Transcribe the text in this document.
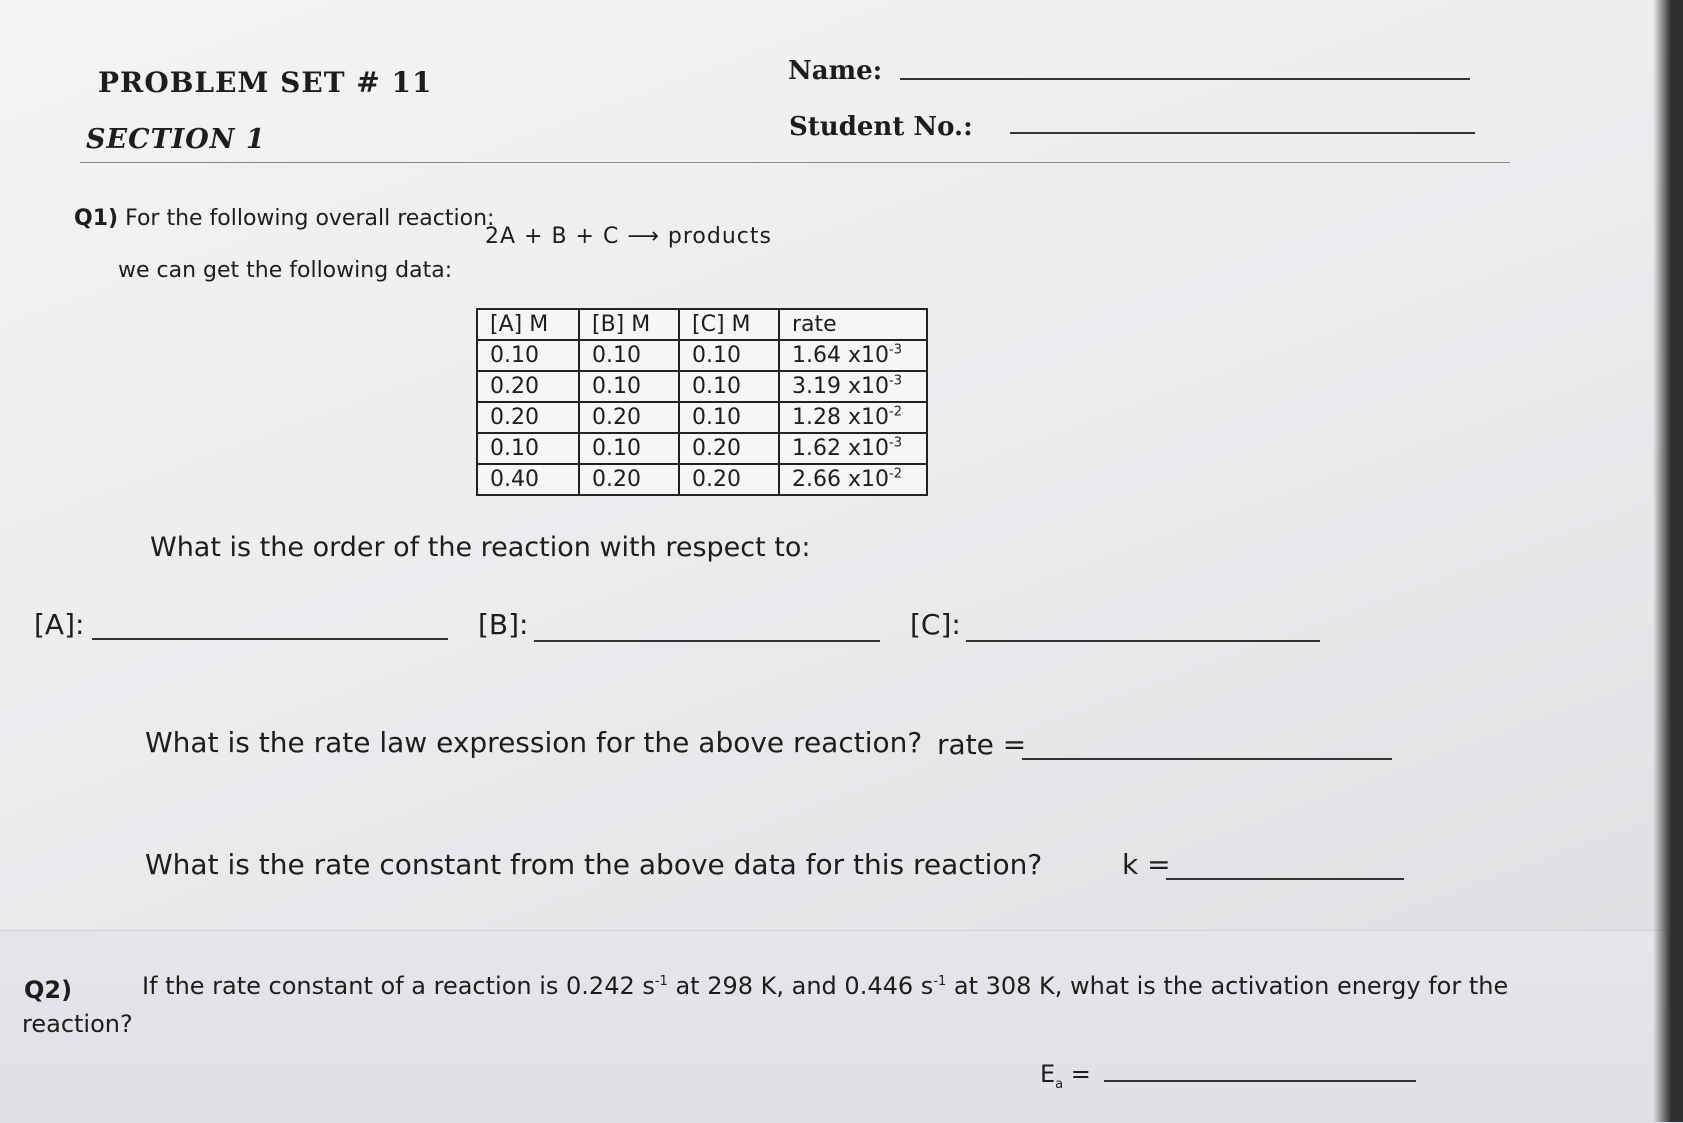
PROBLEM SET # 11
SECTION 1
Name:
Student No.:
Q1) For the following overall reaction:
2A + B + C ⟶ products
we can get the following data:
[A] M	[B] M	[C] M	rate
0.10	0.10	0.10	1.64 $x10^{-3}$
0.20	0.10	0.10	3.19 $x10^{-3}$
0.20	0.20	0.10	1.28 $x10^{-2}$
0.10	0.10	0.20	1.62 $x10^{-3}$
0.40	0.20	0.20	2.66 $x10^{-2}$
What is the order of the reaction with respect to:
[A]:	[B]:	[C]:
What is the rate law expression for the above reaction? rate =
What is the rate constant from the above data for this reaction?	k =
Q2)	If the rate constant of a reaction is 0.242 $s^{-1}$ at 298 K, and 0.446 $s^{-1}$ at 308 K, what is the activation energy for the
reaction?
$E_a$ =
